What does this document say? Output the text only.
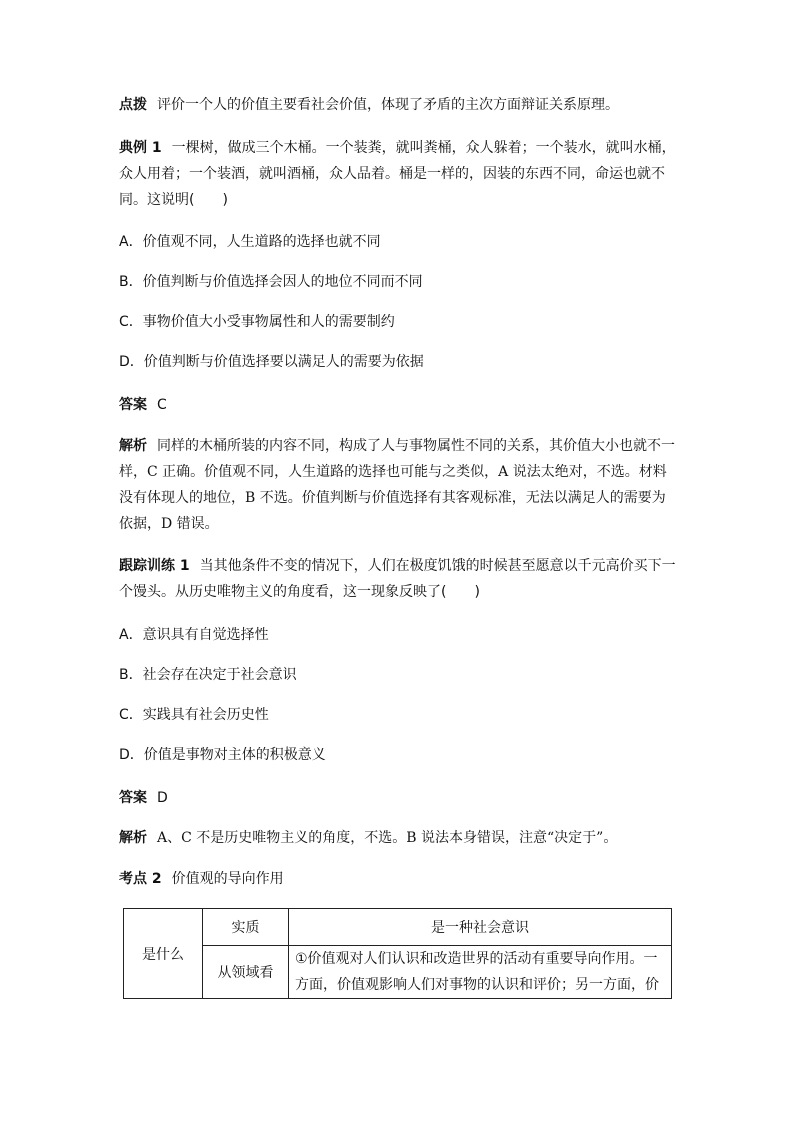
点拨 评价一个人的价值主要看社会价值，体现了矛盾的主次方面辩证关系原理。
典例 1 一棵树，做成三个木桶。一个装粪，就叫粪桶，众人躲着；一个装水，就叫水桶，众人用着；一个装酒，就叫酒桶，众人品着。桶是一样的，因装的东西不同，命运也就不同。这说明(　　)
A．价值观不同，人生道路的选择也就不同
B．价值判断与价值选择会因人的地位不同而不同
C．事物价值大小受事物属性和人的需要制约
D．价值判断与价值选择要以满足人的需要为依据
答案 C
解析 同样的木桶所装的内容不同，构成了人与事物属性不同的关系，其价值大小也就不一样，C 正确。价值观不同，人生道路的选择也可能与之类似，A 说法太绝对，不选。材料没有体现人的地位，B 不选。价值判断与价值选择有其客观标准，无法以满足人的需要为依据，D 错误。
跟踪训练 1 当其他条件不变的情况下，人们在极度饥饿的时候甚至愿意以千元高价买下一个馒头。从历史唯物主义的角度看，这一现象反映了(　　)
A．意识具有自觉选择性
B．社会存在决定于社会意识
C．实践具有社会历史性
D．价值是事物对主体的积极意义
答案 D
解析 A、C 不是历史唯物主义的角度，不选。B 说法本身错误，注意“决定于”。
考点 2 价值观的导向作用
是什么	实质	是一种社会意识
	从领域看	①价值观对人们认识和改造世界的活动有重要导向作用。一方面，价值观影响人们对事物的认识和评价；另一方面，价
